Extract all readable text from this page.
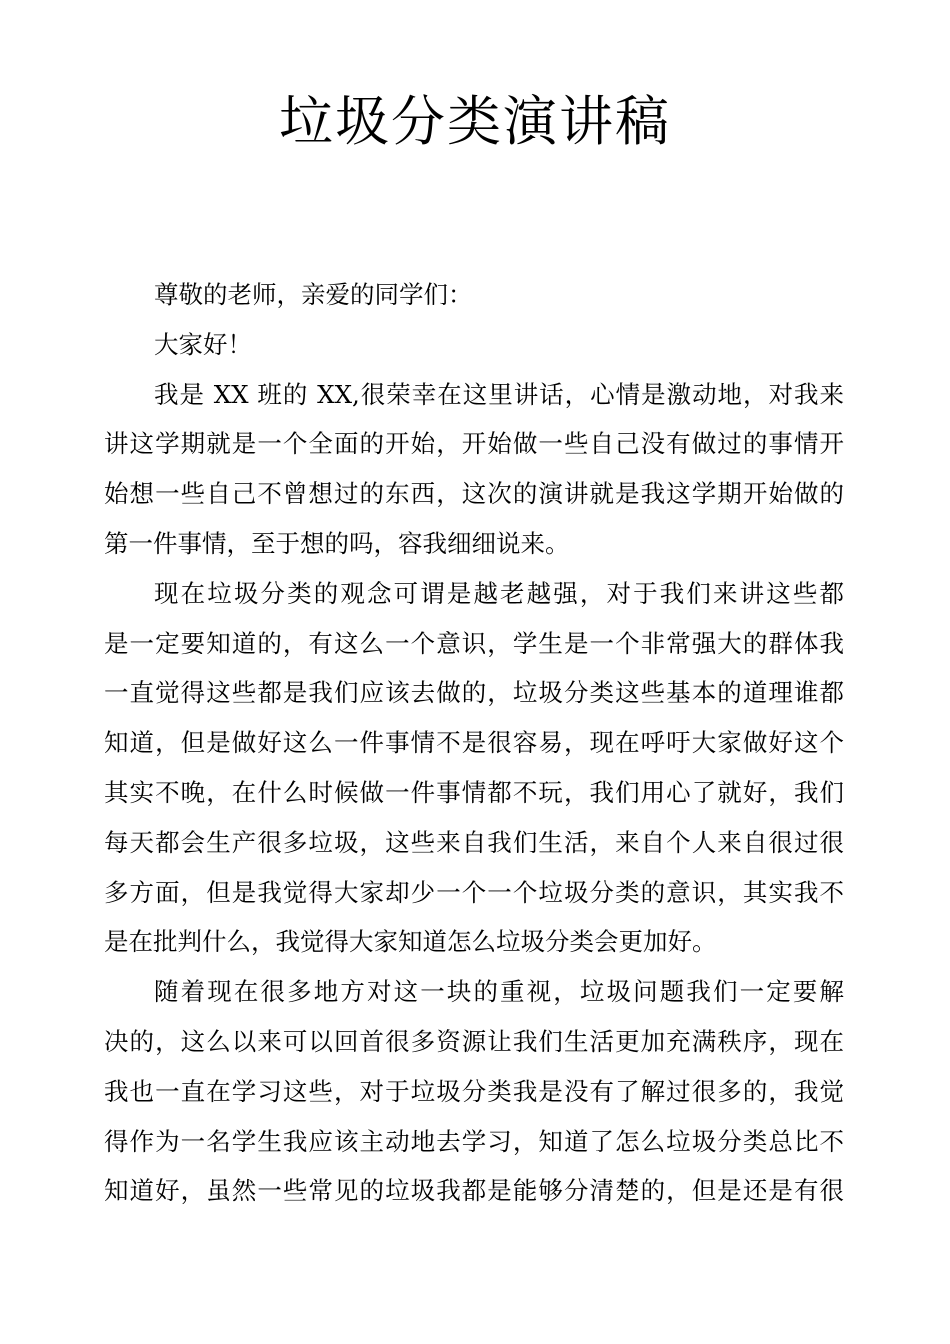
垃圾分类演讲稿

尊敬的老师，亲爱的同学们：

大家好！

我是 XX 班的 XX,很荣幸在这里讲话，心情是激动地，对我来
讲这学期就是一个全面的开始，开始做一些自己没有做过的事情开
始想一些自己不曾想过的东西，这次的演讲就是我这学期开始做的
第一件事情，至于想的吗，容我细细说来。

现在垃圾分类的观念可谓是越老越强，对于我们来讲这些都
是一定要知道的，有这么一个意识，学生是一个非常强大的群体我
一直觉得这些都是我们应该去做的，垃圾分类这些基本的道理谁都
知道，但是做好这么一件事情不是很容易，现在呼吁大家做好这个
其实不晚，在什么时候做一件事情都不玩，我们用心了就好，我们
每天都会生产很多垃圾，这些来自我们生活，来自个人来自很过很
多方面，但是我觉得大家却少一个一个垃圾分类的意识，其实我不
是在批判什么，我觉得大家知道怎么垃圾分类会更加好。

随着现在很多地方对这一块的重视，垃圾问题我们一定要解
决的，这么以来可以回首很多资源让我们生活更加充满秩序，现在
我也一直在学习这些，对于垃圾分类我是没有了解过很多的，我觉
得作为一名学生我应该主动地去学习，知道了怎么垃圾分类总比不
知道好，虽然一些常见的垃圾我都是能够分清楚的，但是还是有很
